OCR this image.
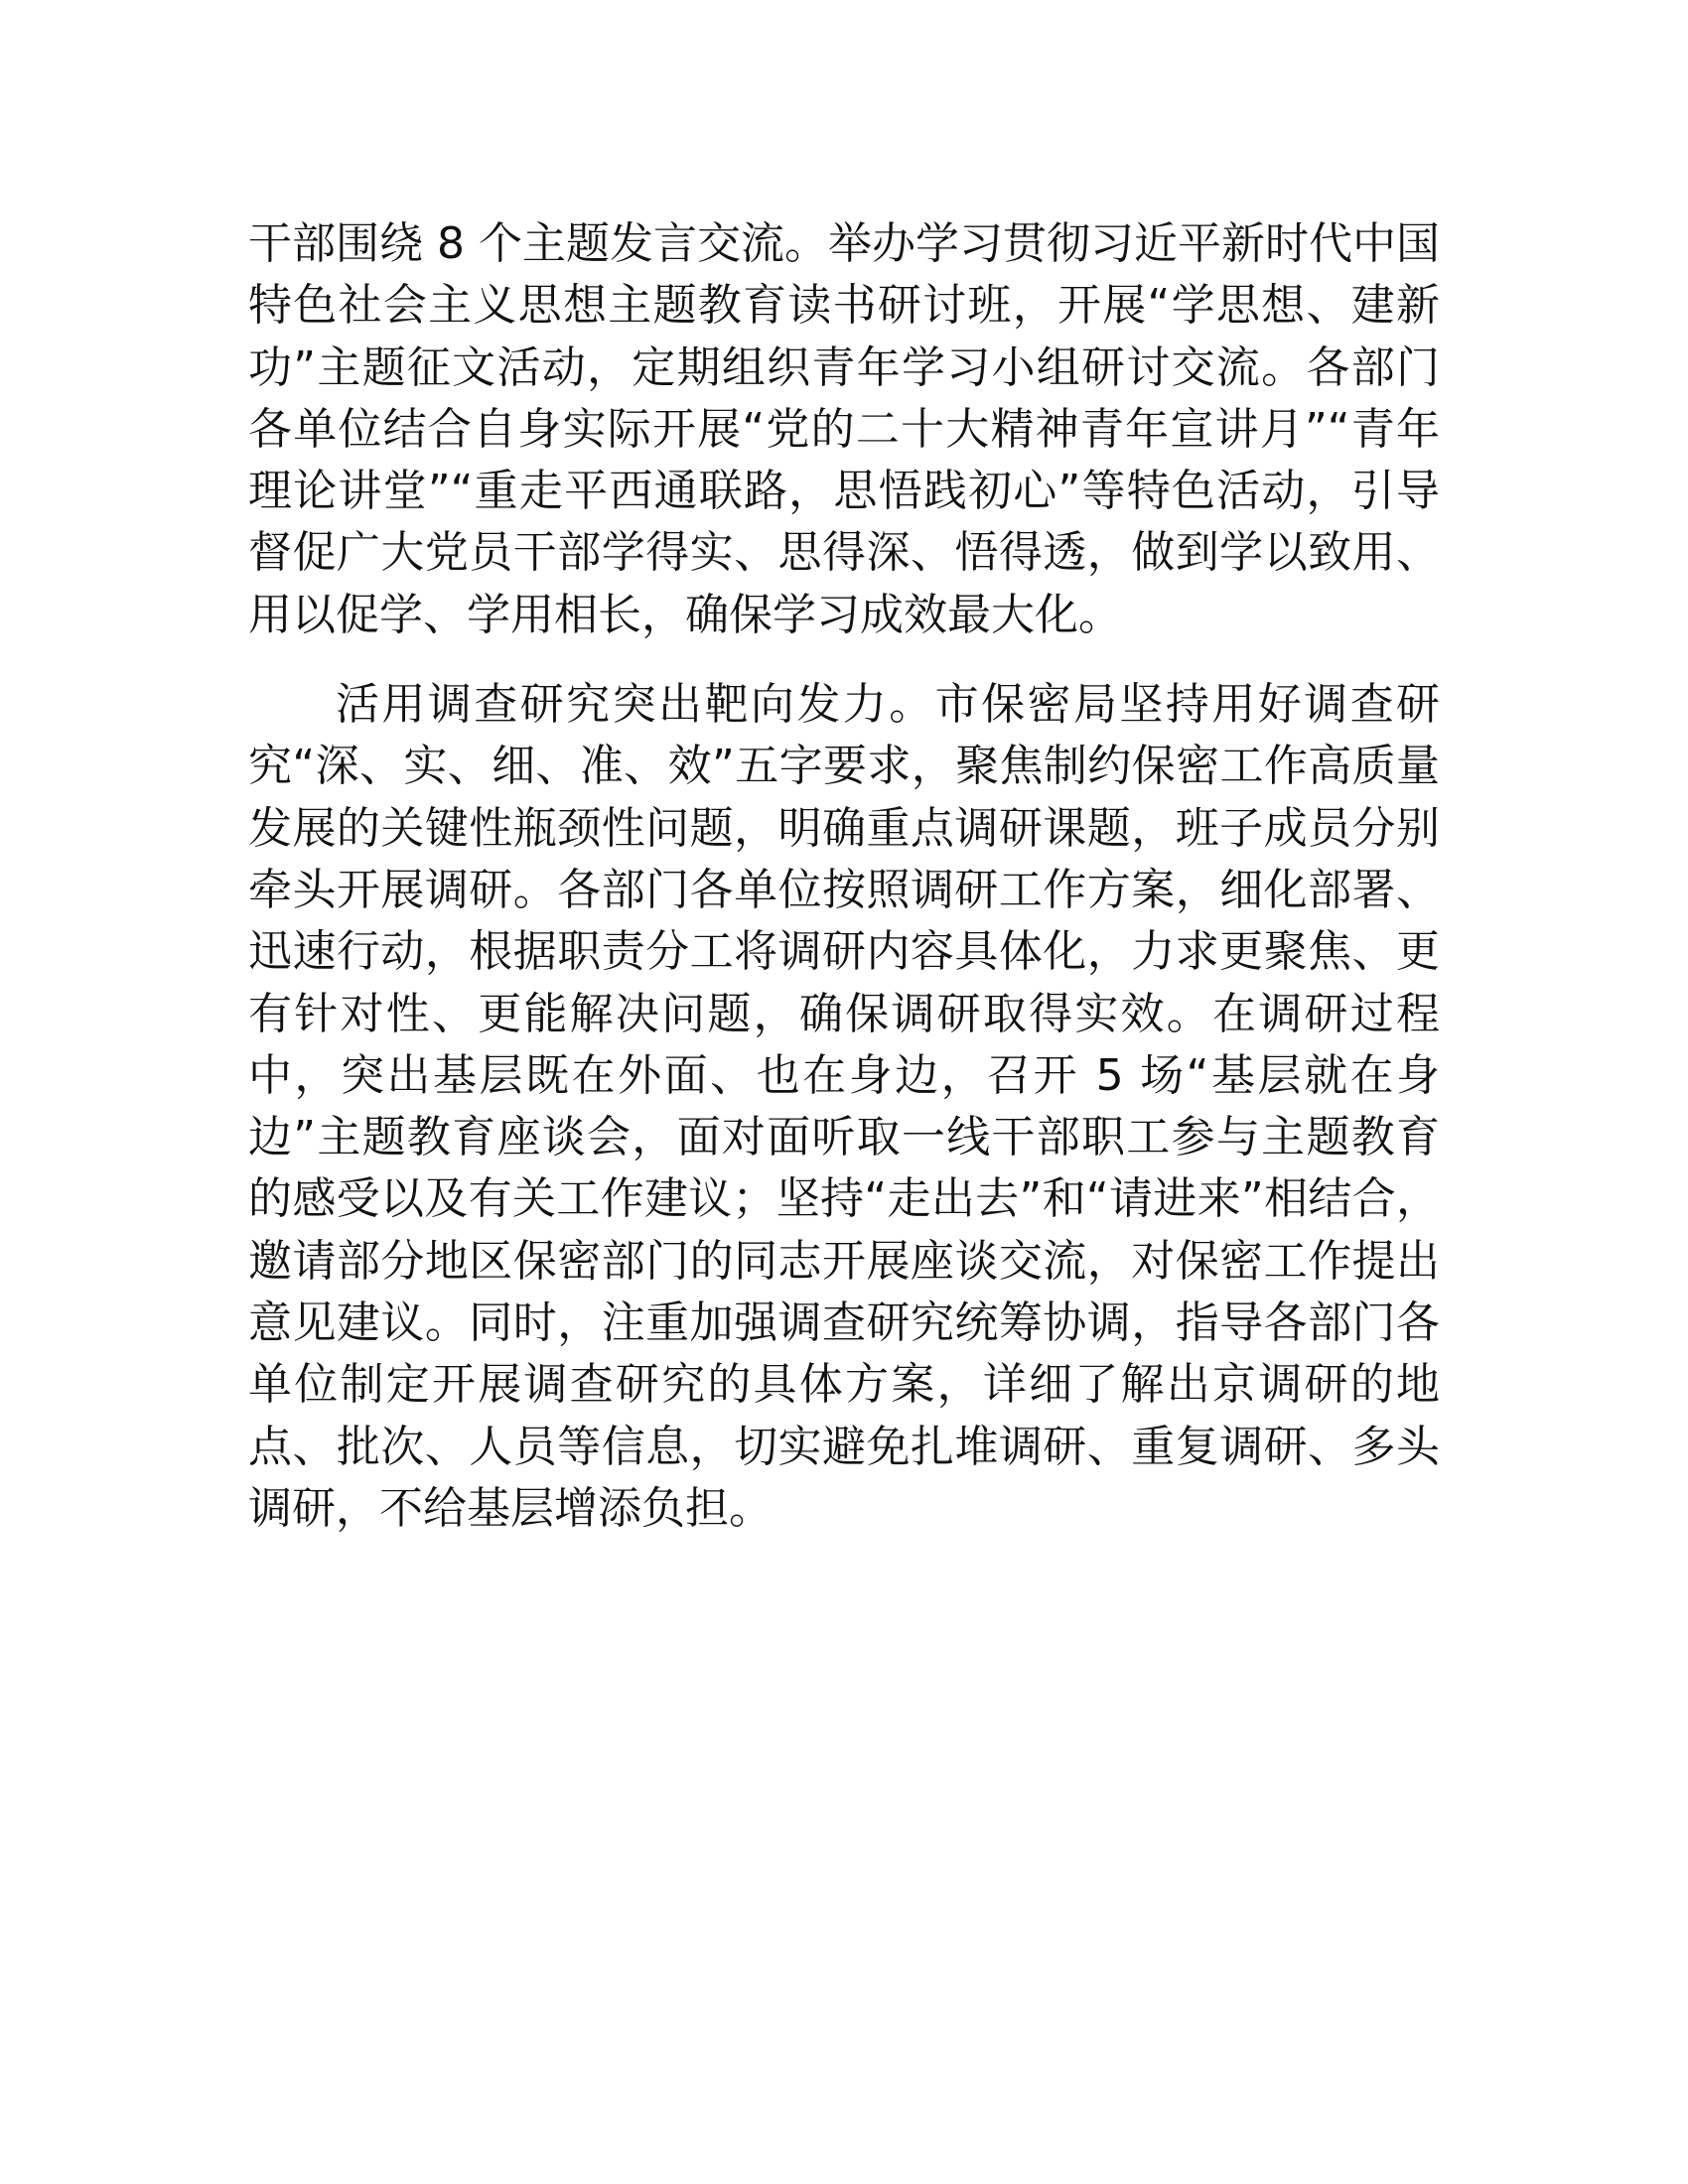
干部围绕 8 个主题发言交流。举办学习贯彻习近平新时代中国特色社会主义思想主题教育读书研讨班，开展“学思想、建新功”主题征文活动，定期组织青年学习小组研讨交流。各部门各单位结合自身实际开展“党的二十大精神青年宣讲月”“青年理论讲堂”“重走平西通联路，思悟践初心”等特色活动，引导督促广大党员干部学得实、思得深、悟得透，做到学以致用、用以促学、学用相长，确保学习成效最大化。

活用调查研究突出靶向发力。市保密局坚持用好调查研究“深、实、细、准、效”五字要求，聚焦制约保密工作高质量发展的关键性瓶颈性问题，明确重点调研课题，班子成员分别牵头开展调研。各部门各单位按照调研工作方案，细化部署、迅速行动，根据职责分工将调研内容具体化，力求更聚焦、更有针对性、更能解决问题，确保调研取得实效。在调研过程中，突出基层既在外面、也在身边，召开 5 场“基层就在身边”主题教育座谈会，面对面听取一线干部职工参与主题教育的感受以及有关工作建议；坚持“走出去”和“请进来”相结合，邀请部分地区保密部门的同志开展座谈交流，对保密工作提出意见建议。同时，注重加强调查研究统筹协调，指导各部门各单位制定开展调查研究的具体方案，详细了解出京调研的地点、批次、人员等信息，切实避免扎堆调研、重复调研、多头调研，不给基层增添负担。
